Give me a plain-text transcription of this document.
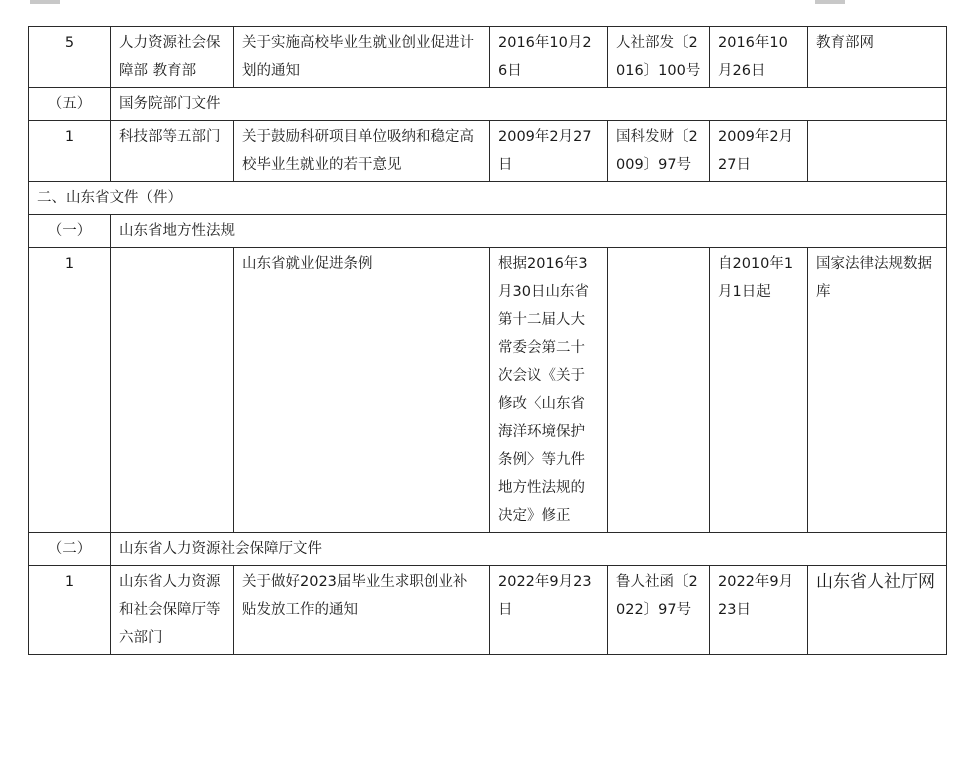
5	人力资源社会保障部 教育部	关于实施高校毕业生就业创业促进计划的通知	2016年10月26日	人社部发〔2016〕100号	2016年10月26日	教育部网
（五）	国务院部门文件					
1	科技部等五部门	关于鼓励科研项目单位吸纳和稳定高校毕业生就业的若干意见	2009年2月27日	国科发财〔2009〕97号	2009年2月27日	
二、山东省文件（件）						
（一）	山东省地方性法规					
1		山东省就业促进条例	根据2016年3月30日山东省第十二届人大常委会第二十次会议《关于修改〈山东省海洋环境保护条例〉等九件地方性法规的决定》修正		自2010年1月1日起	国家法律法规数据库
（二）	山东省人力资源社会保障厅文件					
1	山东省人力资源和社会保障厅等六部门	关于做好2023届毕业生求职创业补贴发放工作的通知	2022年9月23日	鲁人社函〔2022〕97号	2022年9月23日	山东省人社厅网
